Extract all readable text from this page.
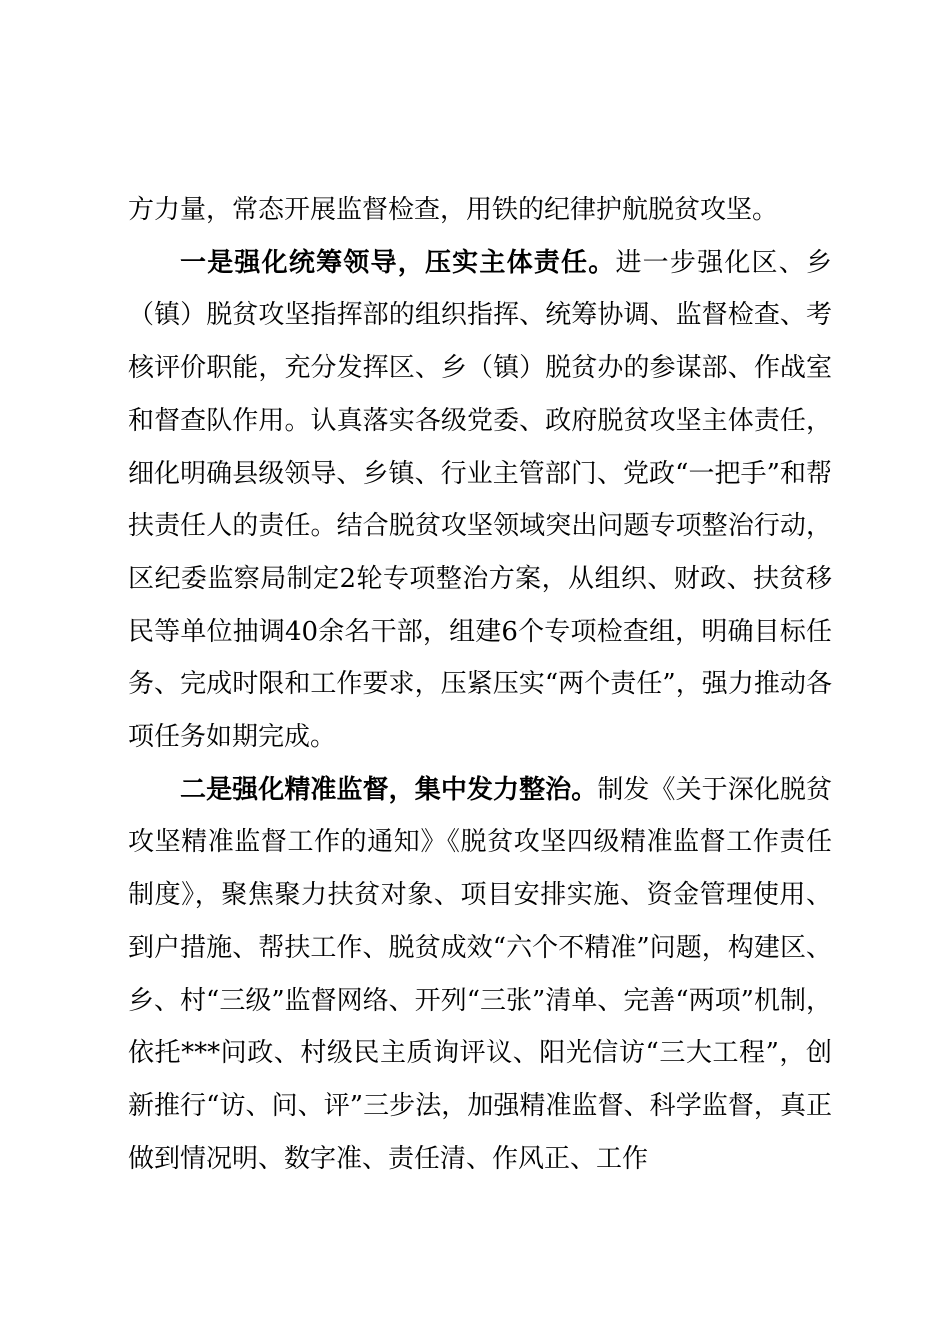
方力量，常态开展监督检查，用铁的纪律护航脱贫攻坚。

一是强化统筹领导，压实主体责任。进一步强化区、乡（镇）脱贫攻坚指挥部的组织指挥、统筹协调、监督检查、考核评价职能，充分发挥区、乡（镇）脱贫办的参谋部、作战室和督查队作用。认真落实各级党委、政府脱贫攻坚主体责任，细化明确县级领导、乡镇、行业主管部门、党政“一把手”和帮扶责任人的责任。结合脱贫攻坚领域突出问题专项整治行动，区纪委监察局制定2轮专项整治方案，从组织、财政、扶贫移民等单位抽调40余名干部，组建6个专项检查组，明确目标任务、完成时限和工作要求，压紧压实“两个责任”，强力推动各项任务如期完成。

二是强化精准监督，集中发力整治。制发《关于深化脱贫攻坚精准监督工作的通知》《脱贫攻坚四级精准监督工作责任制度》，聚焦聚力扶贫对象、项目安排实施、资金管理使用、到户措施、帮扶工作、脱贫成效“六个不精准”问题，构建区、乡、村“三级”监督网络、开列“三张”清单、完善“两项”机制，依托***问政、村级民主质询评议、阳光信访“三大工程”，创新推行“访、问、评”三步法，加强精准监督、科学监督，真正做到情况明、数字准、责任清、作风正、工作
